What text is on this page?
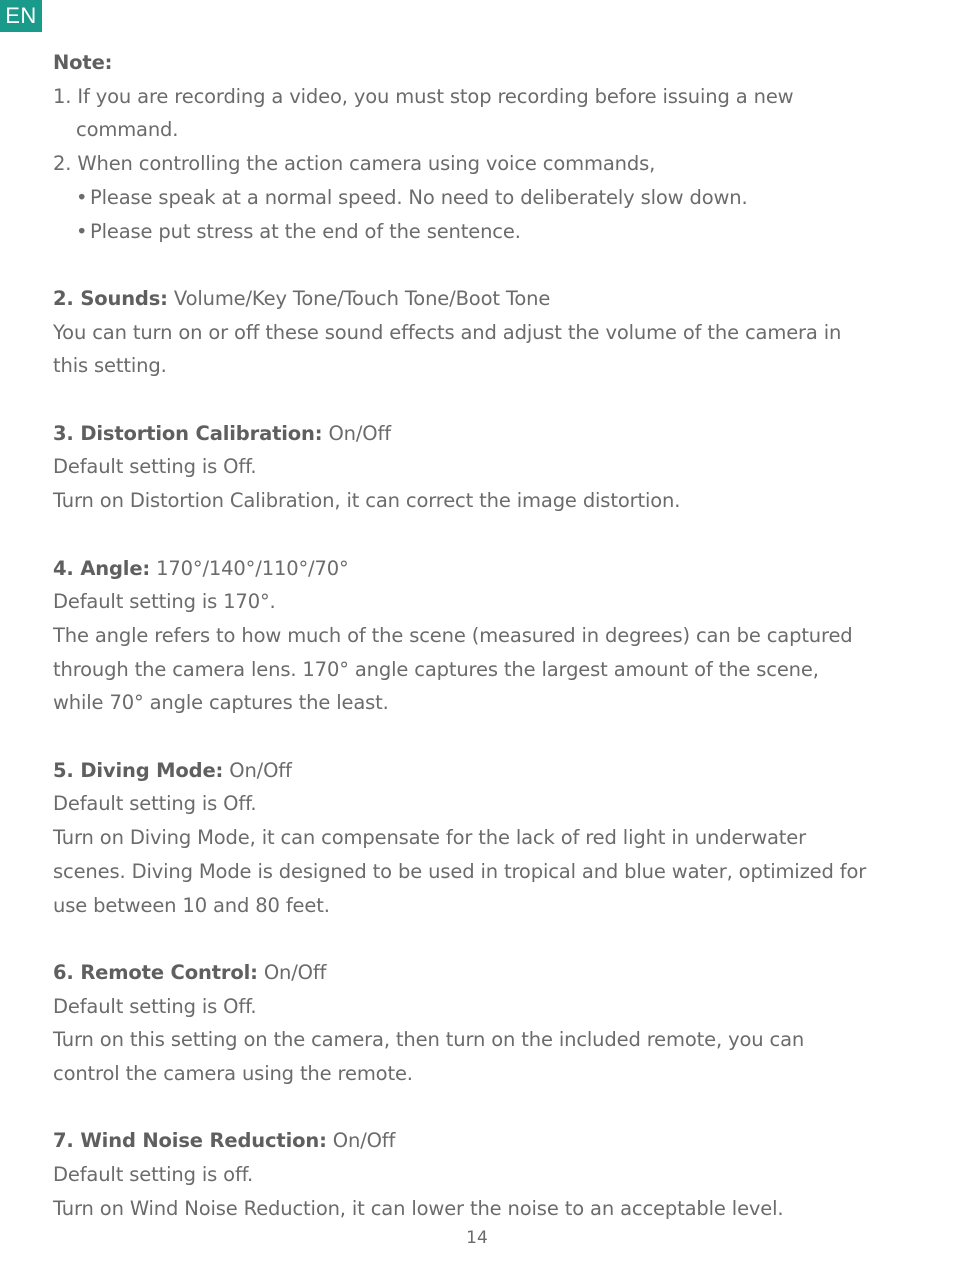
EN
Note:
1. If you are recording a video, you must stop recording before issuing a new
command.
2. When controlling the action camera using voice commands,
• Please speak at a normal speed. No need to deliberately slow down.
• Please put stress at the end of the sentence.
2. Sounds: Volume/Key Tone/Touch Tone/Boot Tone
You can turn on or off these sound effects and adjust the volume of the camera in
this setting.
3. Distortion Calibration: On/Off
Default setting is Off.
Turn on Distortion Calibration, it can correct the image distortion.
4. Angle: 170°/140°/110°/70°
Default setting is 170°.
The angle refers to how much of the scene (measured in degrees) can be captured
through the camera lens. 170° angle captures the largest amount of the scene,
while 70° angle captures the least.
5. Diving Mode: On/Off
Default setting is Off.
Turn on Diving Mode, it can compensate for the lack of red light in underwater
scenes. Diving Mode is designed to be used in tropical and blue water, optimized for
use between 10 and 80 feet.
6. Remote Control: On/Off
Default setting is Off.
Turn on this setting on the camera, then turn on the included remote, you can
control the camera using the remote.
7. Wind Noise Reduction: On/Off
Default setting is off.
Turn on Wind Noise Reduction, it can lower the noise to an acceptable level.
14
